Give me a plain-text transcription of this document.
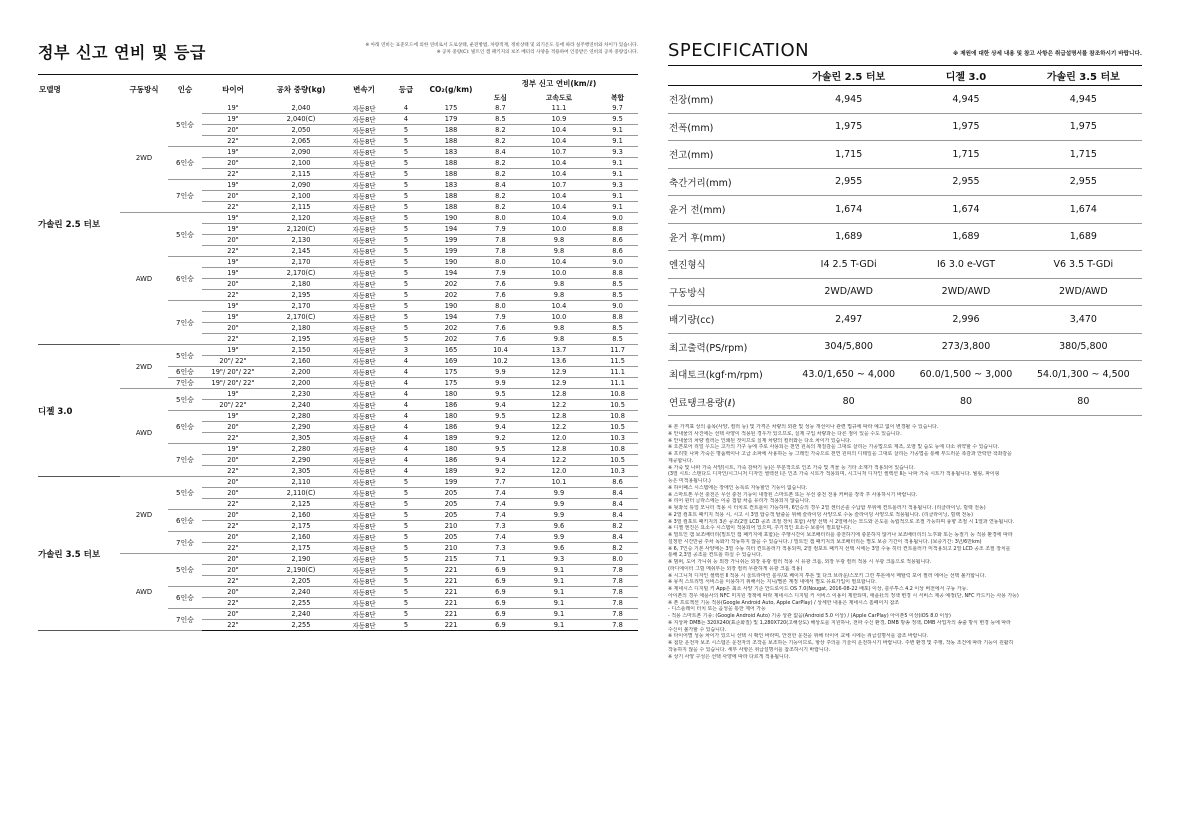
정부 신고 연비 및 등급	※ 아래 연비는 표준모드에 의한 연비로서 도로상태, 운전방법, 차량적재, 정비상태 및 외기온도 등에 따라 실주행연비와 차이가 있습니다.
※ 공차 중량(C): 빌트인 캠 패키지의 보조 배터리 사양을 적용하여 인증받은 연비의 공차 중량입니다.
모델명	구동방식	인승	타이어	공차 중량(kg)	변속기	등급	CO₂(g/km)	정부 신고 연비(km/ℓ)		
								도심	고속도로	복합
가솔린 2.5 터보	2WD	5인승	19"	2,040	자동8단	4	175	8.7	11.1	9.7
			19"	2,040(C)	자동8단	4	179	8.5	10.9	9.5
			20"	2,050	자동8단	5	188	8.2	10.4	9.1
			22"	2,065	자동8단	5	188	8.2	10.4	9.1
		6인승	19"	2,090	자동8단	5	183	8.4	10.7	9.3
			20"	2,100	자동8단	5	188	8.2	10.4	9.1
			22"	2,115	자동8단	5	188	8.2	10.4	9.1
		7인승	19"	2,090	자동8단	5	183	8.4	10.7	9.3
			20"	2,100	자동8단	5	188	8.2	10.4	9.1
			22"	2,115	자동8단	5	188	8.2	10.4	9.1
	AWD	5인승	19"	2,120	자동8단	5	190	8.0	10.4	9.0
			19"	2,120(C)	자동8단	5	194	7.9	10.0	8.8
			20"	2,130	자동8단	5	199	7.8	9.8	8.6
			22"	2,145	자동8단	5	199	7.8	9.8	8.6
		6인승	19"	2,170	자동8단	5	190	8.0	10.4	9.0
			19"	2,170(C)	자동8단	5	194	7.9	10.0	8.8
			20"	2,180	자동8단	5	202	7.6	9.8	8.5
			22"	2,195	자동8단	5	202	7.6	9.8	8.5
		7인승	19"	2,170	자동8단	5	190	8.0	10.4	9.0
			19"	2,170(C)	자동8단	5	194	7.9	10.0	8.8
			20"	2,180	자동8단	5	202	7.6	9.8	8.5
			22"	2,195	자동8단	5	202	7.6	9.8	8.5
디젤 3.0	2WD	5인승	19"	2,150	자동8단	3	165	10.4	13.7	11.7
			20"/ 22"	2,160	자동8단	4	169	10.2	13.6	11.5
		6인승	19"/ 20"/ 22"	2,200	자동8단	4	175	9.9	12.9	11.1
		7인승	19"/ 20"/ 22"	2,200	자동8단	4	175	9.9	12.9	11.1
	AWD	5인승	19"	2,230	자동8단	4	180	9.5	12.8	10.8
			20"/ 22"	2,240	자동8단	4	186	9.4	12.2	10.5
		6인승	19"	2,280	자동8단	4	180	9.5	12.8	10.8
			20"	2,290	자동8단	4	186	9.4	12.2	10.5
			22"	2,305	자동8단	4	189	9.2	12.0	10.3
		7인승	19"	2,280	자동8단	4	180	9.5	12.8	10.8
			20"	2,290	자동8단	4	186	9.4	12.2	10.5
			22"	2,305	자동8단	4	189	9.2	12.0	10.3
가솔린 3.5 터보	2WD	5인승	20"	2,110	자동8단	5	199	7.7	10.1	8.6
			20"	2,110(C)	자동8단	5	205	7.4	9.9	8.4
			22"	2,125	자동8단	5	205	7.4	9.9	8.4
		6인승	20"	2,160	자동8단	5	205	7.4	9.9	8.4
			22"	2,175	자동8단	5	210	7.3	9.6	8.2
		7인승	20"	2,160	자동8단	5	205	7.4	9.9	8.4
			22"	2,175	자동8단	5	210	7.3	9.6	8.2
	AWD	5인승	20"	2,190	자동8단	5	215	7.1	9.3	8.0
			20"	2,190(C)	자동8단	5	221	6.9	9.1	7.8
			22"	2,205	자동8단	5	221	6.9	9.1	7.8
		6인승	20"	2,240	자동8단	5	221	6.9	9.1	7.8
			22"	2,255	자동8단	5	221	6.9	9.1	7.8
		7인승	20"	2,240	자동8단	5	221	6.9	9.1	7.8
			22"	2,255	자동8단	5	221	6.9	9.1	7.8
SPECIFICATION	※ 제원에 대한 상세 내용 및 참고 사항은 취급설명서를 참조하시기 바랍니다.
	가솔린 2.5 터보	디젤 3.0	가솔린 3.5 터보
전장(mm)	4,945	4,945	4,945
전폭(mm)	1,975	1,975	1,975
전고(mm)	1,715	1,715	1,715
축간거리(mm)	2,955	2,955	2,955
윤거 전(mm)	1,674	1,674	1,674
윤거 후(mm)	1,689	1,689	1,689
엔진형식	I4 2.5 T-GDi	I6 3.0 e-VGT	V6 3.5 T-GDi
구동방식	2WD/AWD	2WD/AWD	2WD/AWD
배기량(cc)	2,497	2,996	3,470
최고출력(PS/rpm)	304/5,800	273/3,800	380/5,800
최대토크(kgf·m/rpm)	43.0/1,650 ~ 4,000	60.0/1,500 ~ 3,000	54.0/1,300 ~ 4,500
연료탱크용량(ℓ)	80	80	80
※ 본 가격표 상의 품목(사양, 컬러 등) 및 가격은 차량의 외관 및 성능 개선이나 관련 법규에 따라 예고 없이 변경될 수 있습니다.
※ 안내물의 사진에는 선택 사양이 적용된 경우가 있으므로, 실제 구입 차량과는 다른 점이 있을 수도 있습니다.
※ 안내물의 차량 컬러는 인쇄된 것이므로 실제 차량의 컬러와는 다소 차이가 있습니다.
※ 오픈포어 리얼 우드는 고가의 가구 등에 주로 사용되는 천연 원목의 재질감을 그대로 살리는 가공법으로 제조, 오염 및 습도 등에 다소 취약할 수 있습니다.
※ 프리밋 나파 가죽은 명품백이나 고급 소파에 사용하는 등 그레인 가죽으로 천연 원피의 디테일을 그대로 살리는 가공법을 통해 부드러운 촉감과 안락한 착좌감을
제공합니다.
※ 가죽 및 나파 가죽 사양(시트, 가죽 감싸기 등)은 부분적으로 인조 가죽 및 직물 등 기타 소재가 적용되어 있습니다.
(3열 시트: 스탠다드 디자인/시그니처 디자인 셀렉션 Ⅰ은 인조 가죽 시트가 적용되며, 시그니처 디자인 셀렉션 Ⅱ는 나파 가죽 시트가 적용됩니다. 월핑, 파이핑
등은 미적용됩니다.)
※ 하이패스 시스템에는 장애인 등록로 자동할인 기능이 없습니다.
※ 스마트폰 무선 충전은 무선 충전 기능이 내장된 스마트폰 또는 무선 충전 전용 커버를 장착 후 사용하시기 바랍니다.
※ 리어 윈터 글라스에는 이중 접합 차음 유리가 적용되지 않습니다.
※ 뒷좌석 듀얼 모니터 적용 시 터치로 컨트롤이 가능하며, 6인승의 경우 2열 센터콘솔 수납함 부위에 컨트롤러가 적용됩니다. (리클라이닝, 릴랙 전동)
※ 2열 컴포트 패키지 적용 시, 시고 시 3열 탑승객 탈출을 위해 슬라이딩 사양으로 수동 슬라이딩 사양으로 적용됩니다. (리클라이닝, 릴랙 전동)
※ 3열 컴포트 패키지의 3존 공조(2열 LCD 공조 조절 장치 포함) 사양 선택 시 2열에서는 모드와 온도를 독립적으로 조절 가능하며 풍향 조절 시 1열과 연동됩니다.
※ 디젤 엔진은 요소수 시스템이 적용되어 있으며, 주기적인 요소수 보충이 필요합니다.
※ 빌트인 캠 보조배터리(빌트인 캠 패키지에 포함)는 주행시간이 보조배터리를 충전하기에 충분하지 않거나 보조배터리의 노후화 또는 동절기 등 적용 환경에 따라
설정한 시간만큼 주차 녹화가 작동하지 않을 수 있습니다. / 빌트인 캠 패키지의 보조배터리는 별도 보증 기간이 적용됩니다. (보증기간: 3년/6만km)
※ 6, 7인승 기본 사양에는 3열 수동 히터 컨트롤러가 적용되며, 2열 컴포트 패키지 선택 시에는 3열 수동 히터 컨트롤러가 미적용되고 2열 LCD 공조 조절 장치를
통해 2,3열 공조를 컨트롤 하실 수 있습니다.
※ 범퍼, 도어 가니쉬 등 외장 가니쉬는 외장 유광 컬러 적용 시 유광 크롬, 외장 무광 컬러 적용 시 무광 크롬으로 적용됩니다.
(라디에이터 그릴 메쉬부는 외장 컬러 무관하게 유광 크롬 적용)
※ 시그니처 디자인 셀렉션 Ⅱ 적용 시 울트라마린 블루/포 베이지 투톤 및 다크 브라운/스모키 그린 투톤에서 메탈릭 포어 필러 에어는 선택 불가합니다.
※ 뮤직 스트리밍 서비스를 이용하기 위해서는 지니/멜론 계정 내에서 별도 유료가입이 필요합니다.
※ 제네시스 디지털 키 App은 최소 사양 기준 안드로이드 OS 7.0(Nougat, 2016-08-22 배포) 이상, 블루투스 4.2 이상 버전에서 구동 가능.
아이폰의 경우 애플사의 NFC 미지원 정책에 따라 제네시스 디지털 키 서비스 이용이 제한되며, 애플社의 정책 변경 시 서비스 제공 예정(단, NFC 카드키는 사용 가능)
※ 폰 프로젝션 기능 적용(Google Android Auto, Apple CarPlay) / 상세한 내용은 제네시스 홈페이지 참조
- 디스플레이 터치 또는 음성을 통한 제어 가능
- 적용 스마트폰 기종: (Google Android Auto) 기종 상관 없음(Android 5.0 이상) / (Apple CarPlay) 아이폰5 이상(iOS 8.0 이상)
※ 지상파 DMB는 320X240(표준화질) 및 1,280X720(고해상도) 해상도를 지원하나, 전파 수신 환경, DMB 방송 정책, DMB 사업자의 송출 방식 변경 등에 따라
수신이 불가할 수 있습니다.
※ 타이어별 성능 차이가 있으니 선택 시 확인 바라며, 안전한 운전을 위해 타이어 교체 시에는 취급설명서를 참조 바랍니다.
※ 첨단 운전자 보조 시스템은 운전자의 조작을 보조하는 기능이므로, 항상 주의를 기울여 운전하시기 바랍니다. 주변 환경 및 주행, 작동 조건에 따라 기능이 원활히
작동하지 않을 수 있습니다. 세부 사항은 취급설명서를 참조하시기 바랍니다.
※ 상기 사양 구성은 선택 사양에 따라 다르게 적용됩니다.
